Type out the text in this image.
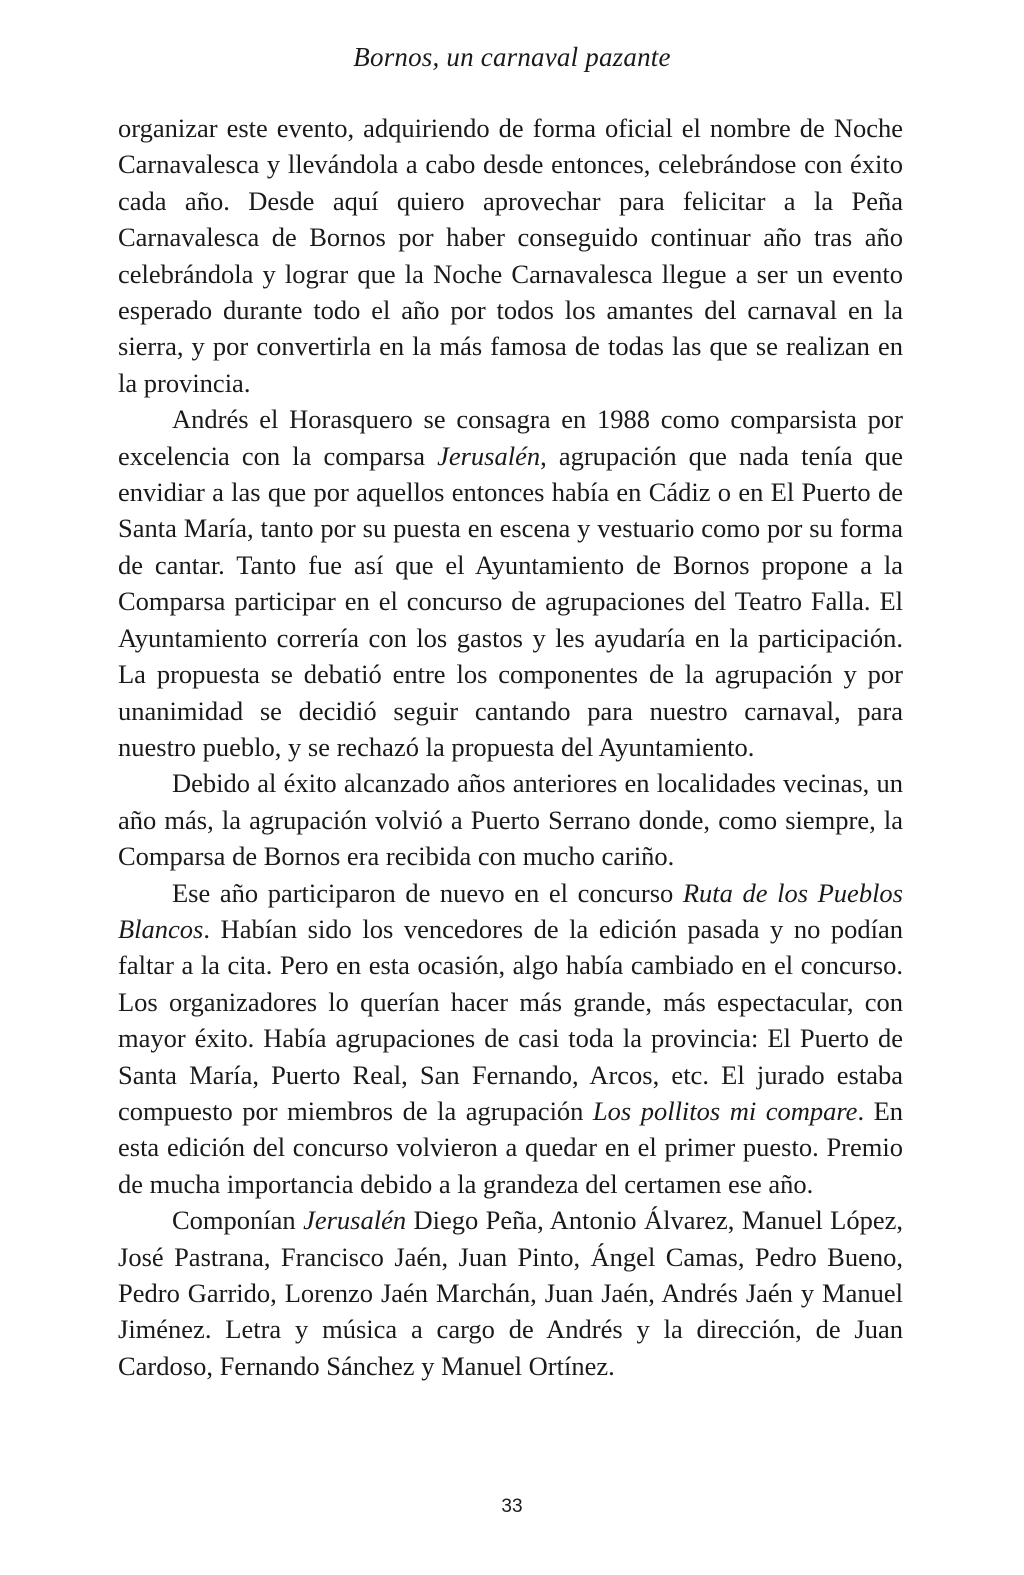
Bornos, un carnaval pazante

organizar este evento, adquiriendo de forma oficial el nombre de Noche Carnavalesca y llevándola a cabo desde entonces, celebrándose con éxito cada año. Desde aquí quiero aprovechar para felicitar a la Peña Carnavalesca de Bornos por haber conseguido continuar año tras año celebrándola y lograr que la Noche Carnavalesca llegue a ser un evento esperado durante todo el año por todos los amantes del carnaval en la sierra, y por convertirla en la más famosa de todas las que se realizan en la provincia.

Andrés el Horasquero se consagra en 1988 como comparsista por excelencia con la comparsa Jerusalén, agrupación que nada tenía que envidiar a las que por aquellos entonces había en Cádiz o en El Puerto de Santa María, tanto por su puesta en escena y vestuario como por su forma de cantar. Tanto fue así que el Ayuntamiento de Bornos propone a la Comparsa participar en el concurso de agrupaciones del Teatro Falla. El Ayuntamiento correría con los gastos y les ayudaría en la participación. La propuesta se debatió entre los componentes de la agrupación y por unanimidad se decidió seguir cantando para nuestro carnaval, para nuestro pueblo, y se rechazó la propuesta del Ayuntamiento.

Debido al éxito alcanzado años anteriores en localidades vecinas, un año más, la agrupación volvió a Puerto Serrano donde, como siempre, la Comparsa de Bornos era recibida con mucho cariño.

Ese año participaron de nuevo en el concurso Ruta de los Pueblos Blancos. Habían sido los vencedores de la edición pasada y no podían faltar a la cita. Pero en esta ocasión, algo había cambiado en el concurso. Los organizadores lo querían hacer más grande, más espectacular, con mayor éxito. Había agrupaciones de casi toda la provincia: El Puerto de Santa María, Puerto Real, San Fernando, Arcos, etc. El jurado estaba compuesto por miembros de la agrupación Los pollitos mi compare. En esta edición del concurso volvieron a quedar en el primer puesto. Premio de mucha importancia debido a la grandeza del certamen ese año.

Componían Jerusalén Diego Peña, Antonio Álvarez, Manuel López, José Pastrana, Francisco Jaén, Juan Pinto, Ángel Camas, Pedro Bueno, Pedro Garrido, Lorenzo Jaén Marchán, Juan Jaén, Andrés Jaén y Manuel Jiménez. Letra y música a cargo de Andrés y la dirección, de Juan Cardoso, Fernando Sánchez y Manuel Ortínez.

33
